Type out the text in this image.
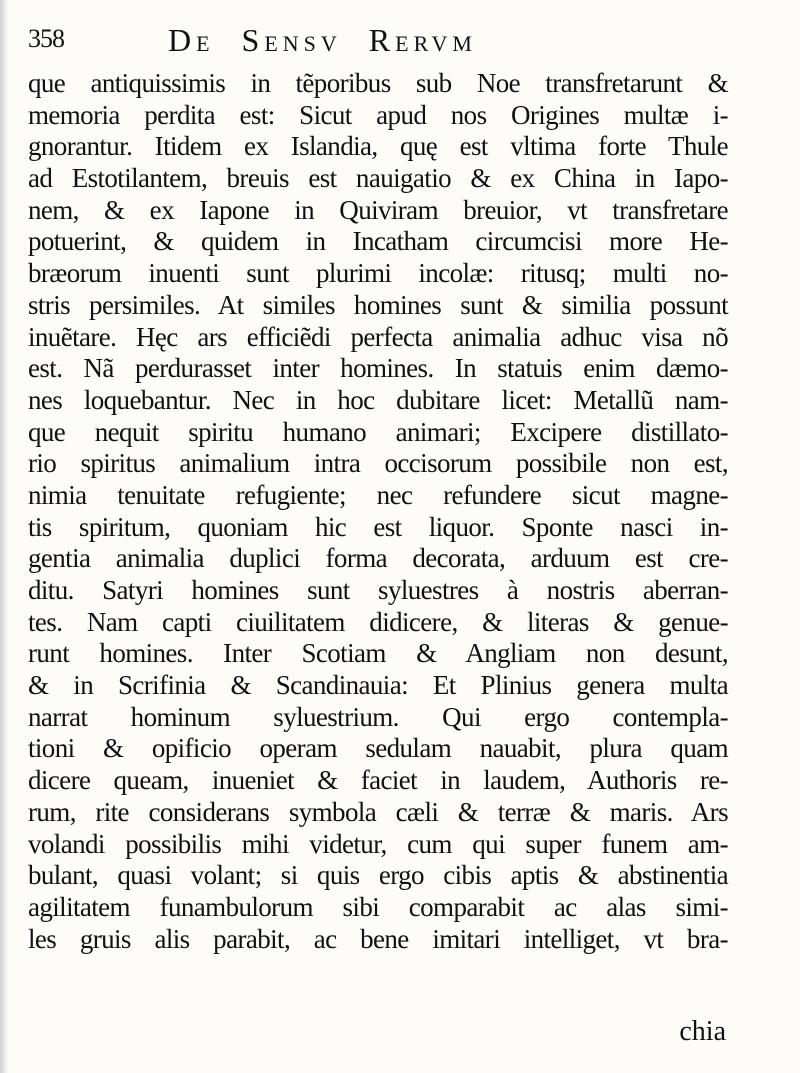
358	De Sensv Rervm
que antiquissimis in tẽporibus sub Noe transfretarunt &
memoria perdita est: Sicut apud nos Origines multæ i-
gnorantur. Itidem ex Islandia, quę est vltima forte Thule
ad Estotilantem, breuis est nauigatio & ex China in Iapo-
nem, & ex Iapone in Quiviram breuior, vt transfretare
potuerint, & quidem in Incatham circumcisi more He-
bræorum inuenti sunt plurimi incolæ: ritusq; multi no-
stris persimiles. At similes homines sunt & similia possunt
inuẽtare. Hęc ars efficiẽdi perfecta animalia adhuc visa nõ
est. Nã perdurasset inter homines. In statuis enim dæmo-
nes loquebantur. Nec in hoc dubitare licet: Metallũ nam-
que nequit spiritu humano animari; Excipere distillato-
rio spiritus animalium intra occisorum possibile non est,
nimia tenuitate refugiente; nec refundere sicut magne-
tis spiritum, quoniam hic est liquor. Sponte nasci in-
gentia animalia duplici forma decorata, arduum est cre-
ditu. Satyri homines sunt syluestres à nostris aberran-
tes. Nam capti ciuilitatem didicere, & literas & genue-
runt homines. Inter Scotiam & Angliam non desunt,
& in Scrifinia & Scandinauia: Et Plinius genera multa
narrat hominum syluestrium. Qui ergo contempla-
tioni & opificio operam sedulam nauabit, plura quam
dicere queam, inueniet & faciet in laudem, Authoris re-
rum, rite considerans symbola cæli & terræ & maris. Ars
volandi possibilis mihi videtur, cum qui super funem am-
bulant, quasi volant; si quis ergo cibis aptis & abstinentia
agilitatem funambulorum sibi comparabit ac alas simi-
les gruis alis parabit, ac bene imitari intelliget, vt bra-
chia
